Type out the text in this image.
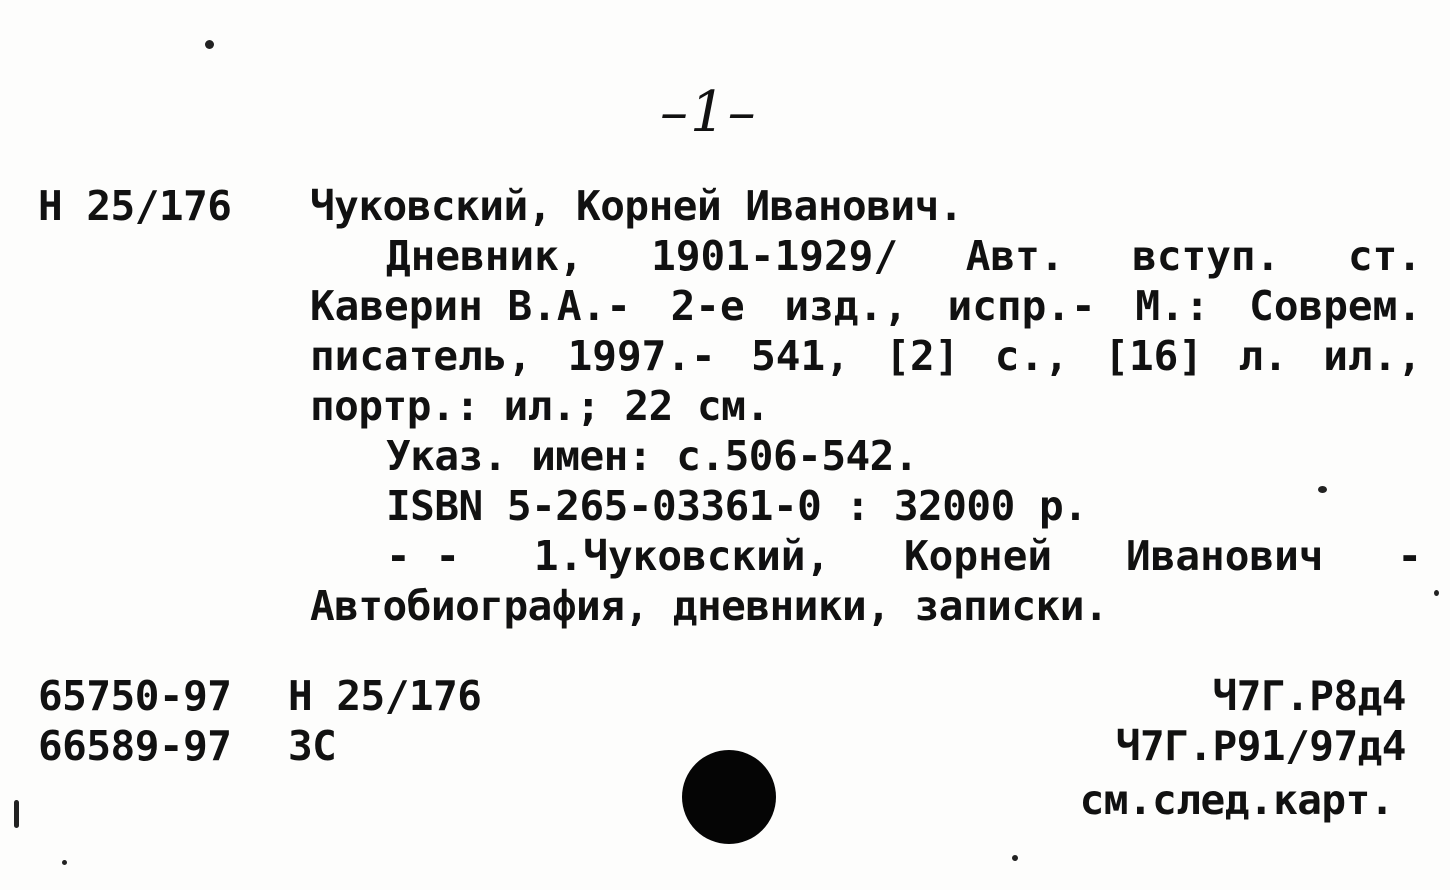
–1–
Н 25/176 Чуковский, Корней Иванович.
Дневник, 1901-1929/ Авт. вступ. ст.
Каверин В.А.- 2-е изд., испр.- М.: Соврем.
писатель, 1997.- 541, [2] с., [16] л. ил.,
портр.: ил.; 22 см.
Указ. имен: с.506-542.
ISBN 5-265-03361-0 : 32000 р.
- - 1.Чуковский, Корней Иванович -
Автобиография, дневники, записки.
65750-97
66589-97
Н 25/176
ЗС
Ч7Г.Р8д4
Ч7Г.Р91/97д4
см.след.карт.
